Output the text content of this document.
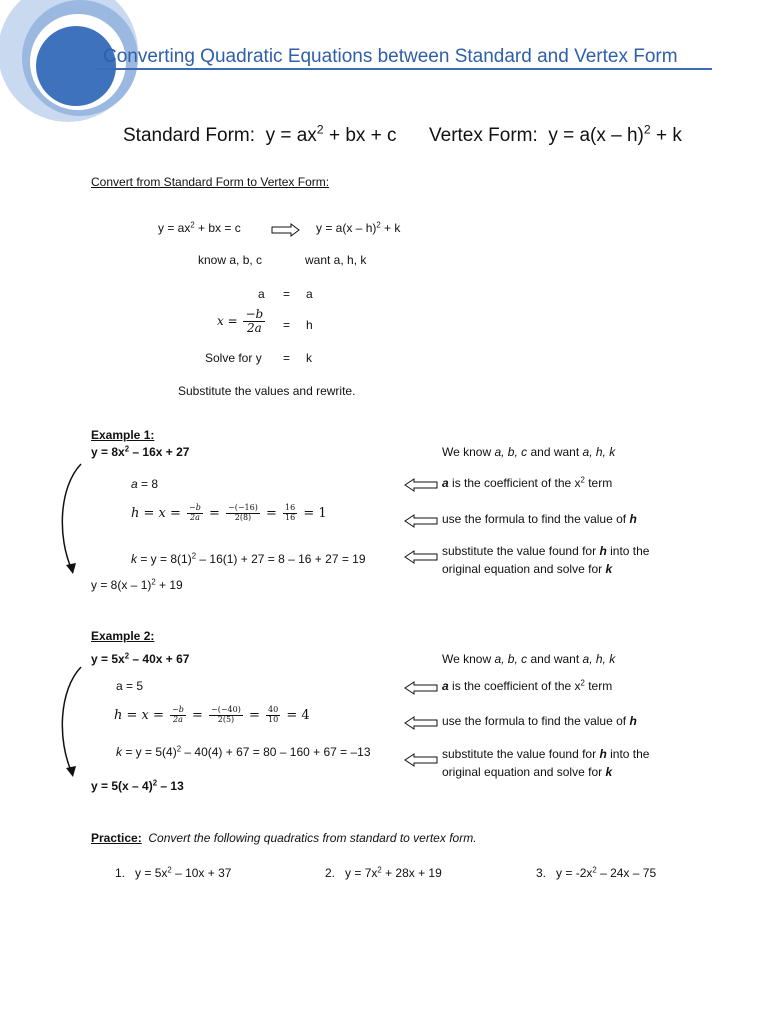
Converting Quadratic Equations between Standard and Vertex Form
Standard Form: $y = ax^2$ + bx + c Vertex Form: y = a(x – h)$^2$ + k
Convert from Standard Form to Vertex Form:
$y = ax^2$ + bx = c	y = a(x – h)$^2$ + k
know a, b, c	want a, h, k
a = a
$x = \frac{-b}{2a} = h$
Solve for y = k
Substitute the values and rewrite.
Example 1:
$y = 8x^2 - 16x + 27$	We know a, b, c and want a, h, k
a = 8
$h = x = \frac{-b}{2a} = \frac{-(-16)}{2(8)} = \frac{16}{16} = 1$
$k = y = 8(1)^2 - 16(1) + 27 = 8 - 16 + 27 = 19$
y = 8(x – 1)$^2$ + 19
a is the coefficient of the $x^2$ term
use the formula to find the value of h
substitute the value found for h into the
original equation and solve for k
Example 2:
$y = 5x^2 - 40x + 67$	We know a, b, c and want a, h, k
a = 5
$h = x = \frac{-b}{2a} = \frac{-(-40)}{2(5)} = \frac{40}{10} = 4$
$k = y = 5(4)^2 - 40(4) + 67 = 80 - 160 + 67 = -13$
y = 5(x – 4)$^2$ – 13
a is the coefficient of the $x^2$ term
use the formula to find the value of h
substitute the value found for h into the
original equation and solve for k
Practice: Convert the following quadratics from standard to vertex form.
1. $y = 5x^2 - 10x + 37$	2. $y = 7x^2 + 28x + 19$	3. $y = -2x^2 - 24x - 75$
